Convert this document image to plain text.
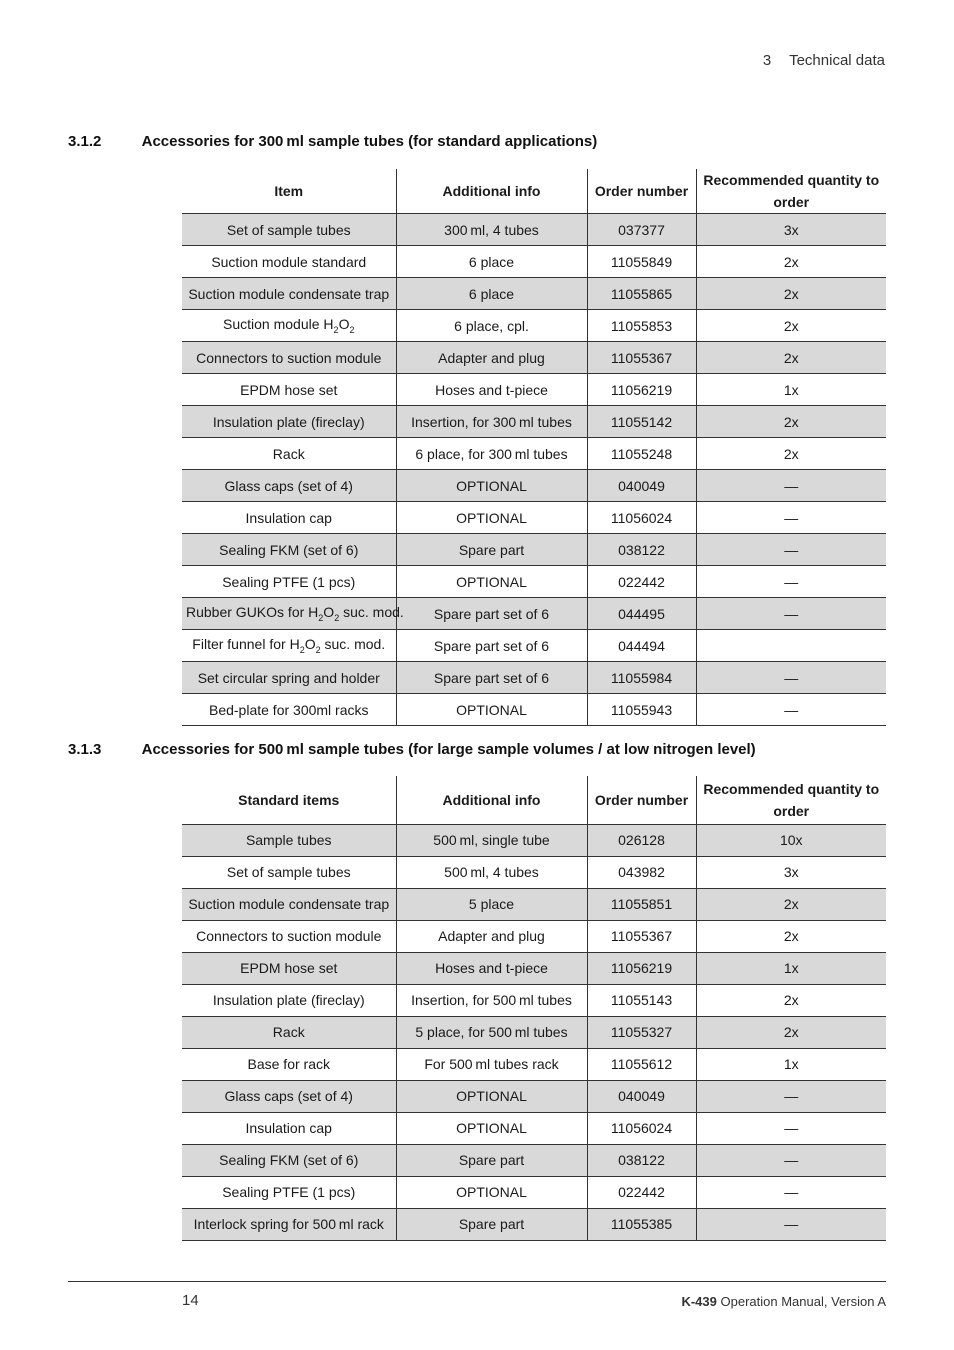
3 Technical data
3.1.2	Accessories for 300 ml sample tubes (for standard applications)
Item	Additional info	Order number	Recommended quantity to order
Set of sample tubes	300 ml, 4 tubes	037377	3x
Suction module standard	6 place	11055849	2x
Suction module condensate trap	6 place	11055865	2x
Suction module $H_2O_2$	6 place, cpl.	11055853	2x
Connectors to suction module	Adapter and plug	11055367	2x
EPDM hose set	Hoses and t-piece	11056219	1x
Insulation plate (fireclay)	Insertion, for 300 ml tubes	11055142	2x
Rack	6 place, for 300 ml tubes	11055248	2x
Glass caps (set of 4)	OPTIONAL	040049	—
Insulation cap	OPTIONAL	11056024	—
Sealing FKM (set of 6)	Spare part	038122	—
Sealing PTFE (1 pcs)	OPTIONAL	022442	—
Rubber GUKOs for $H_2O_2$ suc. mod.	Spare part set of 6	044495	—
Filter funnel for $H_2O_2$ suc. mod.	Spare part set of 6	044494	
Set circular spring and holder	Spare part set of 6	11055984	—
Bed-plate for 300ml racks	OPTIONAL	11055943	—
3.1.3	Accessories for 500 ml sample tubes (for large sample volumes / at low nitrogen level)
Standard items	Additional info	Order number	Recommended quantity to order
Sample tubes	500 ml, single tube	026128	10x
Set of sample tubes	500 ml, 4 tubes	043982	3x
Suction module condensate trap	5 place	11055851	2x
Connectors to suction module	Adapter and plug	11055367	2x
EPDM hose set	Hoses and t-piece	11056219	1x
Insulation plate (fireclay)	Insertion, for 500 ml tubes	11055143	2x
Rack	5 place, for 500 ml tubes	11055327	2x
Base for rack	For 500 ml tubes rack	11055612	1x
Glass caps (set of 4)	OPTIONAL	040049	—
Insulation cap	OPTIONAL	11056024	—
Sealing FKM (set of 6)	Spare part	038122	—
Sealing PTFE (1 pcs)	OPTIONAL	022442	—
Interlock spring for 500 ml rack	Spare part	11055385	—
14	K-439 Operation Manual, Version A
